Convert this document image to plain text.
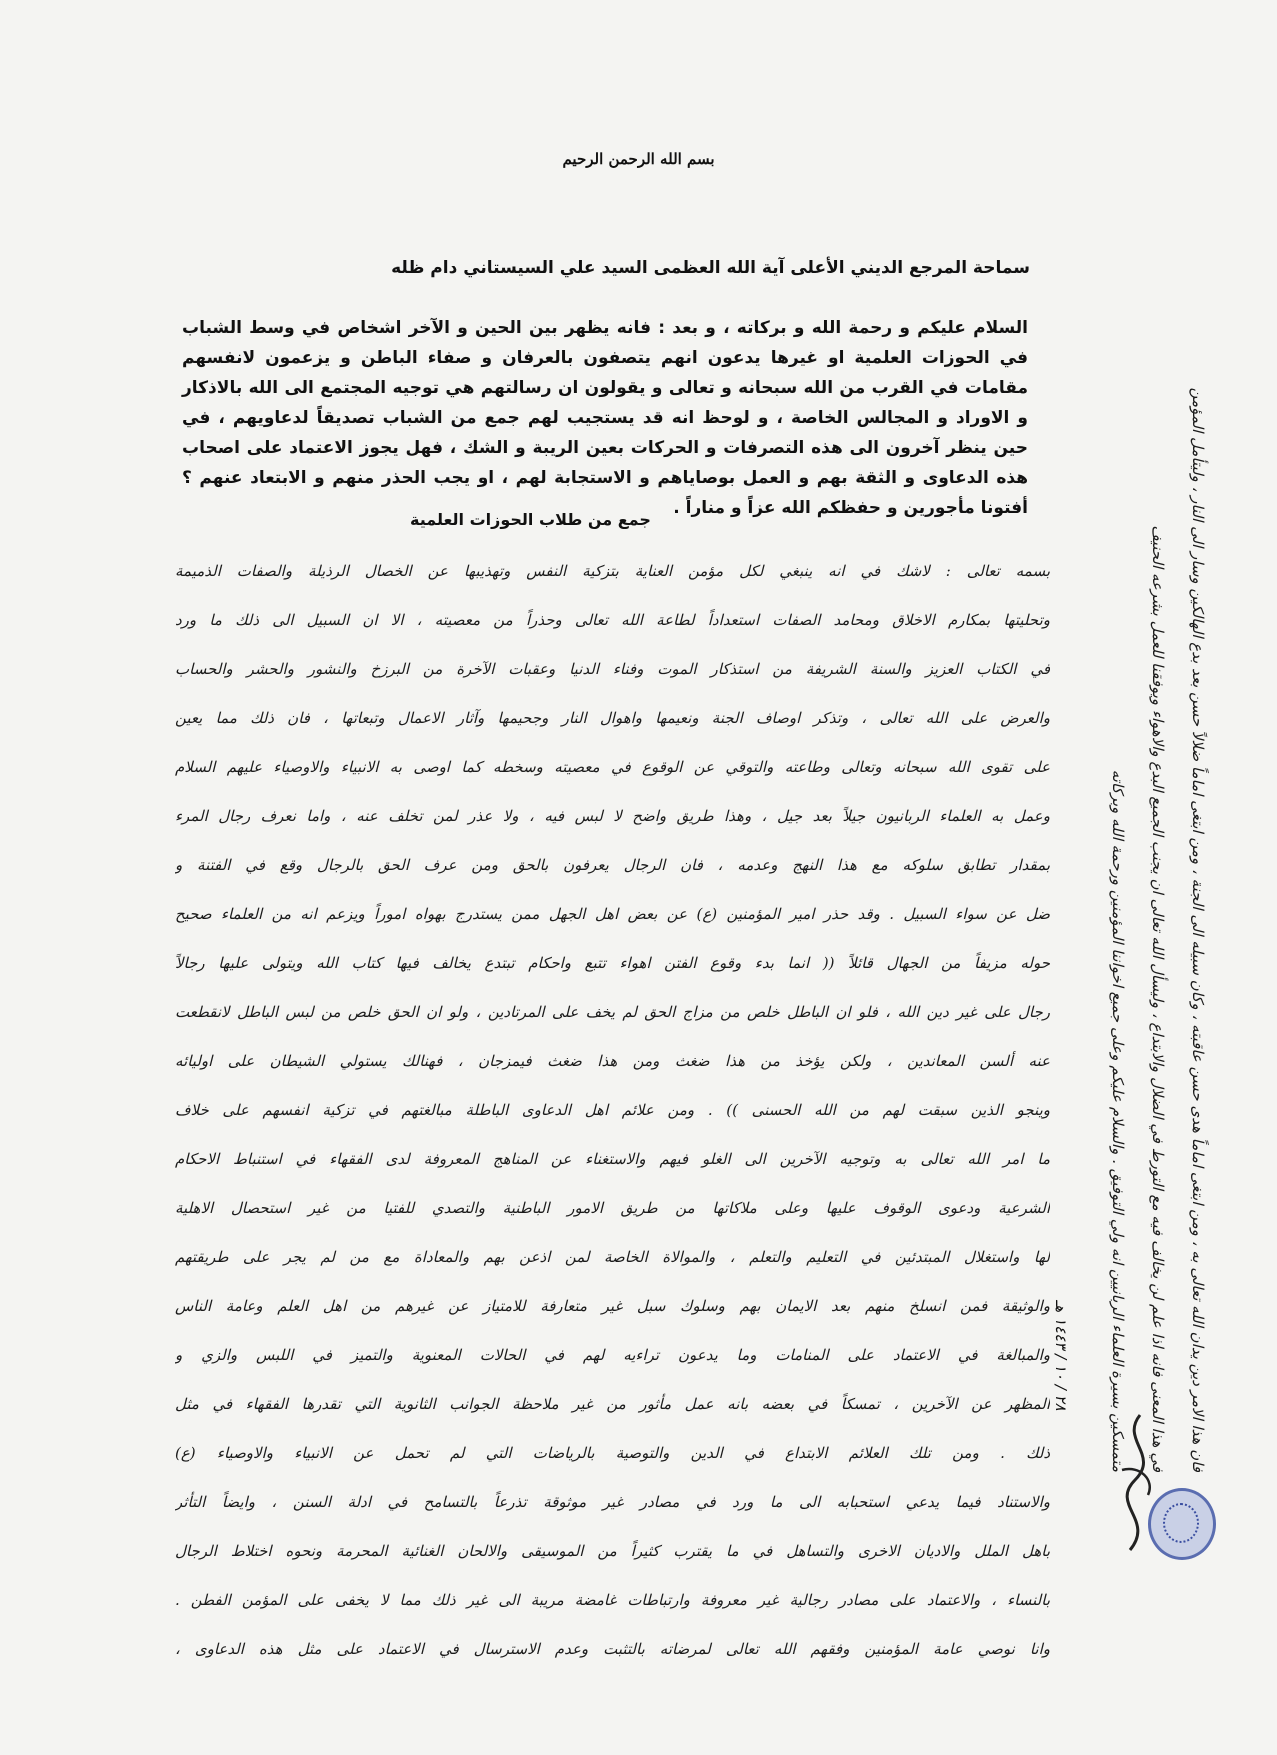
بسم الله الرحمن الرحيم
سماحة المرجع الديني الأعلى آية الله العظمى السيد علي السيستاني دام ظله
السلام عليكم و رحمة الله و بركاته ، و بعد : فانه يظهر بين الحين و الآخر اشخاص في وسط الشباب في الحوزات العلمية او غيرها يدعون انهم يتصفون بالعرفان و صفاء الباطن و يزعمون لانفسهم مقامات في القرب من الله سبحانه و تعالى و يقولون ان رسالتهم هي توجيه المجتمع الى الله بالاذكار و الاوراد و المجالس الخاصة ، و لوحظ انه قد يستجيب لهم جمع من الشباب تصديقاً لدعاويهم ، في حين ينظر آخرون الى هذه التصرفات و الحركات بعين الريبة و الشك ، فهل يجوز الاعتماد على اصحاب هذه الدعاوى و الثقة بهم و العمل بوصاياهم و الاستجابة لهم ، او يجب الحذر منهم و الابتعاد عنهم ؟ أفتونا مأجورين و حفظكم الله عزاً و مناراً .
جمع من طلاب الحوزات العلمية
بسمه تعالى : لاشك في انه ينبغي لكل مؤمن العناية بتزكية النفس وتهذيبها عن الخصال الرذيلة والصفات الذميمة
وتحليتها بمكارم الاخلاق ومحامد الصفات استعداداً لطاعة الله تعالى وحذراً من معصيته ، الا ان السبيل الى ذلك ما ورد
في الكتاب العزيز والسنة الشريفة من استذكار الموت وفناء الدنيا وعقبات الآخرة من البرزخ والنشور والحشر والحساب
والعرض على الله تعالى ، وتذكر اوصاف الجنة ونعيمها واهوال النار وجحيمها وآثار الاعمال وتبعاتها ، فان ذلك مما يعين
على تقوى الله سبحانه وتعالى وطاعته والتوقي عن الوقوع في معصيته وسخطه كما اوصى به الانبياء والاوصياء عليهم السلام
وعمل به العلماء الربانيون جيلاً بعد جيل ، وهذا طريق واضح لا لبس فيه ، ولا عذر لمن تخلف عنه ، واما نعرف رجال المرء
بمقدار تطابق سلوكه مع هذا النهج وعدمه ، فان الرجال يعرفون بالحق ومن عرف الحق بالرجال وقع في الفتنة و
ضل عن سواء السبيل . وقد حذر امير المؤمنين (ع) عن بعض اهل الجهل ممن يستدرج بهواه اموراً ويزعم انه من العلماء صحيح
حوله مزيفاً من الجهال قائلاً (( انما بدء وقوع الفتن اهواء تتبع واحكام تبتدع يخالف فيها كتاب الله ويتولى عليها رجالاً
رجال على غير دين الله ، فلو ان الباطل خلص من مزاج الحق لم يخف على المرتادين ، ولو ان الحق خلص من لبس الباطل لانقطعت
عنه ألسن المعاندين ، ولكن يؤخذ من هذا ضغث ومن هذا ضغث فيمزجان ، فهنالك يستولي الشيطان على اوليائه
وينجو الذين سبقت لهم من الله الحسنى )) . ومن علائم اهل الدعاوى الباطلة مبالغتهم في تزكية انفسهم على خلاف
ما امر الله تعالى به وتوجيه الآخرين الى الغلو فيهم والاستغناء عن المناهج المعروفة لدى الفقهاء في استنباط الاحكام
الشرعية ودعوى الوقوف عليها وعلى ملاكاتها من طريق الامور الباطنية والتصدي للفتيا من غير استحصال الاهلية
لها واستغلال المبتدئين في التعليم والتعلم ، والموالاة الخاصة لمن اذعن بهم والمعاداة مع من لم يجر على طريقتهم
والوثيقة فمن انسلخ منهم بعد الايمان بهم وسلوك سبل غير متعارفة للامتياز عن غيرهم من اهل العلم وعامة الناس
والمبالغة في الاعتماد على المنامات وما يدعون تراءيه لهم في الحالات المعنوية والتميز في اللبس والزي و
المظهر عن الآخرين ، تمسكاً في بعضه بانه عمل مأثور من غير ملاحظة الجوانب الثانوية التي تقدرها الفقهاء في مثل
ذلك . ومن تلك العلائم الابتداع في الدين والتوصية بالرياضات التي لم تحمل عن الانبياء والاوصياء (ع)
والاستناد فيما يدعي استحبابه الى ما ورد في مصادر غير موثوقة تذرعاً بالتسامح في ادلة السنن ، وايضاً التأثر
باهل الملل والاديان الاخرى والتساهل في ما يقترب كثيراً من الموسيقى والالحان الغنائية المحرمة ونحوه اختلاط الرجال
بالنساء ، والاعتماد على مصادر رجالية غير معروفة وارتباطات غامضة مريبة الى غير ذلك مما لا يخفى على المؤمن الفطن .
وانا نوصي عامة المؤمنين وفقهم الله تعالى لمرضاته بالتثبت وعدم الاسترسال في الاعتماد على مثل هذه الدعاوى ،
فان هذا الامر دين يدان الله تعالى به ، ومن ابتغى اماماً هدى حسن عاقبته ، وكان سبيله الى الجنة ، ومن ابتغى اماماً ضلالاً حسن بعد بدع الهالكين وسار الى النار ، وليتأمل المؤمن
في هذا المعنى فانه اذا علم لن يخالف فيه مع التورط في الضلال والابتداع ، وليسأل الله تعالى ان يجنب الجميع البدع والاهواء ويوفقنا للعمل بشرعه الحنيف
متمسكين بسيرة العلماء الربانيين انه ولي التوفيق . والسلام عليكم وعلى جميع اخواننا المؤمنين ورحمة الله وبركاته
٢٨ / ١٠ / ١٤٤٣ هـ
